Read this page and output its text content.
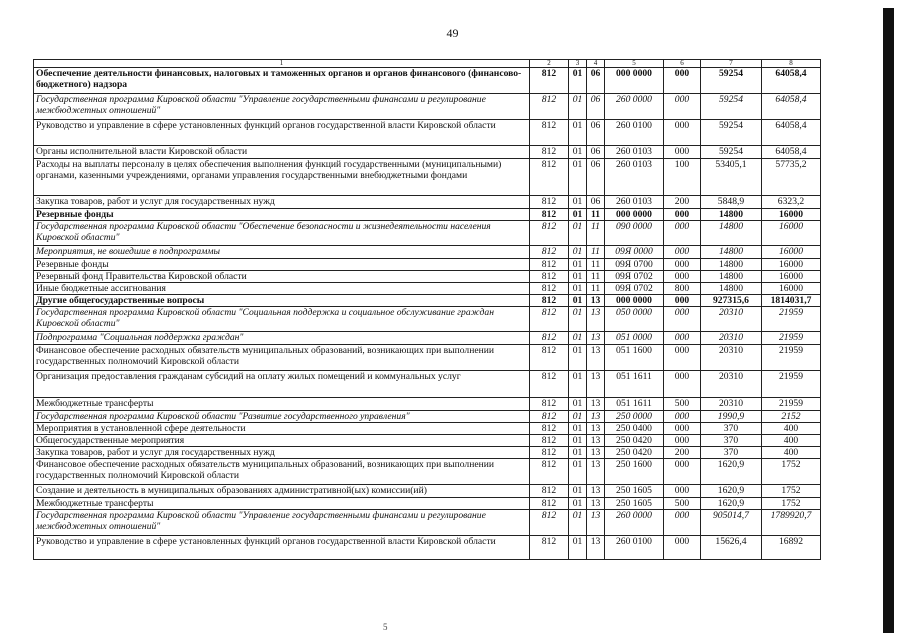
49
5
1	2	3	4	5	6	7	8
Обеспечение деятельности финансовых, налоговых и таможенных органов и органов финансового (финансово-бюджетного) надзора	812	01	06	000 0000	000	59254	64058,4
Государственная программа Кировской области "Управление государственными финансами и регулирование межбюджетных отношений"	812	01	06	260 0000	000	59254	64058,4
Руководство и управление в сфере установленных функций органов государственной власти Кировской области	812	01	06	260 0100	000	59254	64058,4
Органы исполнительной власти Кировской области	812	01	06	260 0103	000	59254	64058,4
Расходы на выплаты персоналу в целях обеспечения выполнения функций государственными (муниципальными) органами, казенными учреждениями, органами управления государственными внебюджетными фондами	812	01	06	260 0103	100	53405,1	57735,2
Закупка товаров, работ и услуг для государственных нужд	812	01	06	260 0103	200	5848,9	6323,2
Резервные фонды	812	01	11	000 0000	000	14800	16000
Государственная программа Кировской области "Обеспечение безопасности и жизнедеятельности населения Кировской области"	812	01	11	090 0000	000	14800	16000
Мероприятия, не вошедшие в подпрограммы	812	01	11	09Я 0000	000	14800	16000
Резервные фонды	812	01	11	09Я 0700	000	14800	16000
Резервный фонд Правительства Кировской области	812	01	11	09Я 0702	000	14800	16000
Иные бюджетные ассигнования	812	01	11	09Я 0702	800	14800	16000
Другие общегосударственные вопросы	812	01	13	000 0000	000	927315,6	1814031,7
Государственная программа Кировской области "Социальная поддержка и социальное обслуживание граждан Кировской области"	812	01	13	050 0000	000	20310	21959
Подпрограмма "Социальная поддержка граждан"	812	01	13	051 0000	000	20310	21959
Финансовое обеспечение расходных обязательств муниципальных образований, возникающих при выполнении государственных полномочий Кировской области	812	01	13	051 1600	000	20310	21959
Организация предоставления гражданам субсидий на оплату жилых помещений и коммунальных услуг	812	01	13	051 1611	000	20310	21959
Межбюджетные трансферты	812	01	13	051 1611	500	20310	21959
Государственная программа Кировской области "Развитие государственного управления"	812	01	13	250 0000	000	1990,9	2152
Мероприятия в установленной сфере деятельности	812	01	13	250 0400	000	370	400
Общегосударственные мероприятия	812	01	13	250 0420	000	370	400
Закупка товаров, работ и услуг для государственных нужд	812	01	13	250 0420	200	370	400
Финансовое обеспечение расходных обязательств муниципальных образований, возникающих при выполнении государственных полномочий Кировской области	812	01	13	250 1600	000	1620,9	1752
Создание и деятельность в муниципальных образованиях административной(ых) комиссии(ий)	812	01	13	250 1605	000	1620,9	1752
Межбюджетные трансферты	812	01	13	250 1605	500	1620,9	1752
Государственная программа Кировской области "Управление государственными финансами и регулирование межбюджетных отношений"	812	01	13	260 0000	000	905014,7	1789920,7
Руководство и управление в сфере установленных функций органов государственной власти Кировской области	812	01	13	260 0100	000	15626,4	16892
